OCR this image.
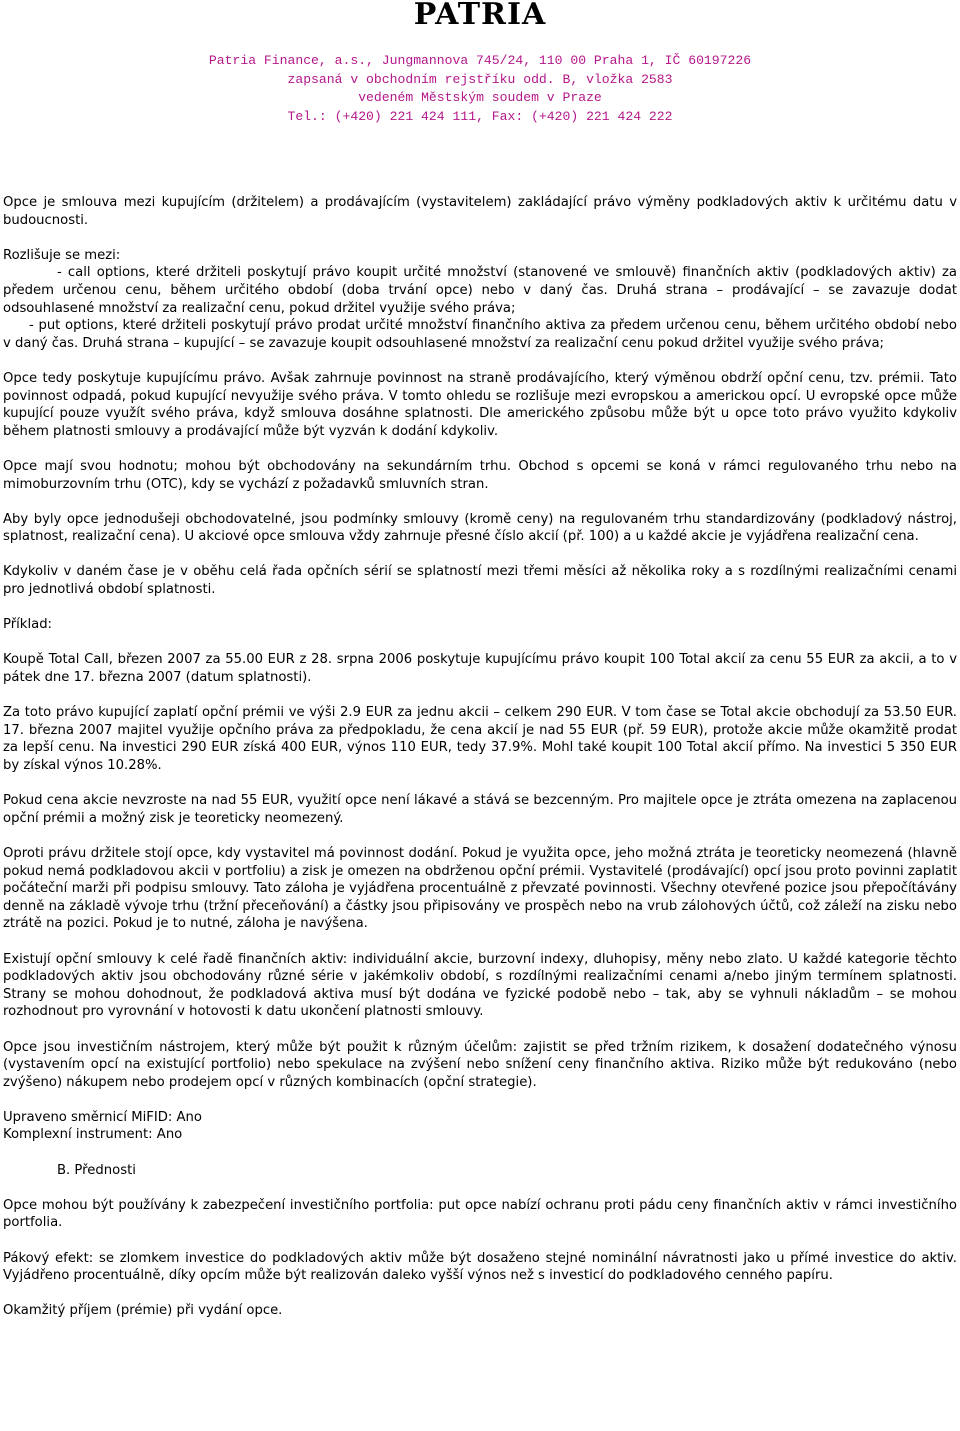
PATRIA
Patria Finance, a.s., Jungmannova 745/24, 110 00 Praha 1, IČ 60197226
zapsaná v obchodním rejstříku odd. B, vložka 2583
vedeném Městským soudem v Praze
Tel.: (+420) 221 424 111, Fax: (+420) 221 424 222
Opce je smlouva mezi kupujícím (držitelem) a prodávajícím (vystavitelem) zakládající právo výměny podkladových aktiv k určitému datu v budoucnosti.
Rozlišuje se mezi:
- call options, které držiteli poskytují právo koupit určité množství (stanovené ve smlouvě) finančních aktiv (podkladových aktiv) za předem určenou cenu, během určitého období (doba trvání opce) nebo v daný čas. Druhá strana – prodávající – se zavazuje dodat odsouhlasené množství za realizační cenu, pokud držitel využije svého práva;
- put options, které držiteli poskytují právo prodat určité množství finančního aktiva za předem určenou cenu, během určitého období nebo v daný čas. Druhá strana – kupující – se zavazuje koupit odsouhlasené množství za realizační cenu pokud držitel využije svého práva;
Opce tedy poskytuje kupujícímu právo. Avšak zahrnuje povinnost na straně prodávajícího, který výměnou obdrží opční cenu, tzv. prémii. Tato povinnost odpadá, pokud kupující nevyužije svého práva. V tomto ohledu se rozlišuje mezi evropskou a americkou opcí. U evropské opce může kupující pouze využít svého práva, když smlouva dosáhne splatnosti. Dle amerického způsobu může být u opce toto právo využito kdykoliv během platnosti smlouvy a prodávající může být vyzván k dodání kdykoliv.
Opce mají svou hodnotu; mohou být obchodovány na sekundárním trhu. Obchod s opcemi se koná v rámci regulovaného trhu nebo na mimoburzovním trhu (OTC), kdy se vychází z požadavků smluvních stran.
Aby byly opce jednodušeji obchodovatelné, jsou podmínky smlouvy (kromě ceny) na regulovaném trhu standardizovány (podkladový nástroj, splatnost, realizační cena). U akciové opce smlouva vždy zahrnuje přesné číslo akcií (př. 100) a u každé akcie je vyjádřena realizační cena.
Kdykoliv v daném čase je v oběhu celá řada opčních sérií se splatností mezi třemi měsíci až několika roky a s rozdílnými realizačními cenami pro jednotlivá období splatnosti.
Příklad:
Koupě Total Call, březen 2007 za 55.00 EUR z 28. srpna 2006 poskytuje kupujícímu právo koupit 100 Total akcií za cenu 55 EUR za akcii, a to v pátek dne 17. března 2007 (datum splatnosti).
Za toto právo kupující zaplatí opční prémii ve výši 2.9 EUR za jednu akcii – celkem 290 EUR. V tom čase se Total akcie obchodují za 53.50 EUR. 17. března 2007 majitel využije opčního práva za předpokladu, že cena akcií je nad 55 EUR (př. 59 EUR), protože akcie může okamžitě prodat za lepší cenu. Na investici 290 EUR získá 400 EUR, výnos 110 EUR, tedy 37.9%. Mohl také koupit 100 Total akcií přímo. Na investici 5 350 EUR by získal výnos 10.28%.
Pokud cena akcie nevzroste na nad 55 EUR, využití opce není lákavé a stává se bezcenným. Pro majitele opce je ztráta omezena na zaplacenou opční prémii a možný zisk je teoreticky neomezený.
Oproti právu držitele stojí opce, kdy vystavitel má povinnost dodání. Pokud je využita opce, jeho možná ztráta je teoreticky neomezená (hlavně pokud nemá podkladovou akcii v portfoliu) a zisk je omezen na obdrženou opční prémii. Vystavitelé (prodávající) opcí jsou proto povinni zaplatit počáteční marži při podpisu smlouvy. Tato záloha je vyjádřena procentuálně z převzaté povinnosti. Všechny otevřené pozice jsou přepočítávány denně na základě vývoje trhu (tržní přeceňování) a částky jsou připisovány ve prospěch nebo na vrub zálohových účtů, což záleží na zisku nebo ztrátě na pozici. Pokud je to nutné, záloha je navýšena.
Existují opční smlouvy k celé řadě finančních aktiv: individuální akcie, burzovní indexy, dluhopisy, měny nebo zlato. U každé kategorie těchto podkladových aktiv jsou obchodovány různé série v jakémkoliv období, s rozdílnými realizačními cenami a/nebo jiným termínem splatnosti. Strany se mohou dohodnout, že podkladová aktiva musí být dodána ve fyzické podobě nebo – tak, aby se vyhnuli nákladům – se mohou rozhodnout pro vyrovnání v hotovosti k datu ukončení platnosti smlouvy.
Opce jsou investičním nástrojem, který může být použit k různým účelům: zajistit se před tržním rizikem, k dosažení dodatečného výnosu (vystavením opcí na existující portfolio) nebo spekulace na zvýšení nebo snížení ceny finančního aktiva. Riziko může být redukováno (nebo zvýšeno) nákupem nebo prodejem opcí v různých kombinacích (opční strategie).
Upraveno směrnicí MiFID: Ano
Komplexní instrument: Ano
B. Přednosti
Opce mohou být používány k zabezpečení investičního portfolia: put opce nabízí ochranu proti pádu ceny finančních aktiv v rámci investičního portfolia.
Pákový efekt: se zlomkem investice do podkladových aktiv může být dosaženo stejné nominální návratnosti jako u přímé investice do aktiv. Vyjádřeno procentuálně, díky opcím může být realizován daleko vyšší výnos než s investicí do podkladového cenného papíru.
Okamžitý příjem (prémie) při vydání opce.
